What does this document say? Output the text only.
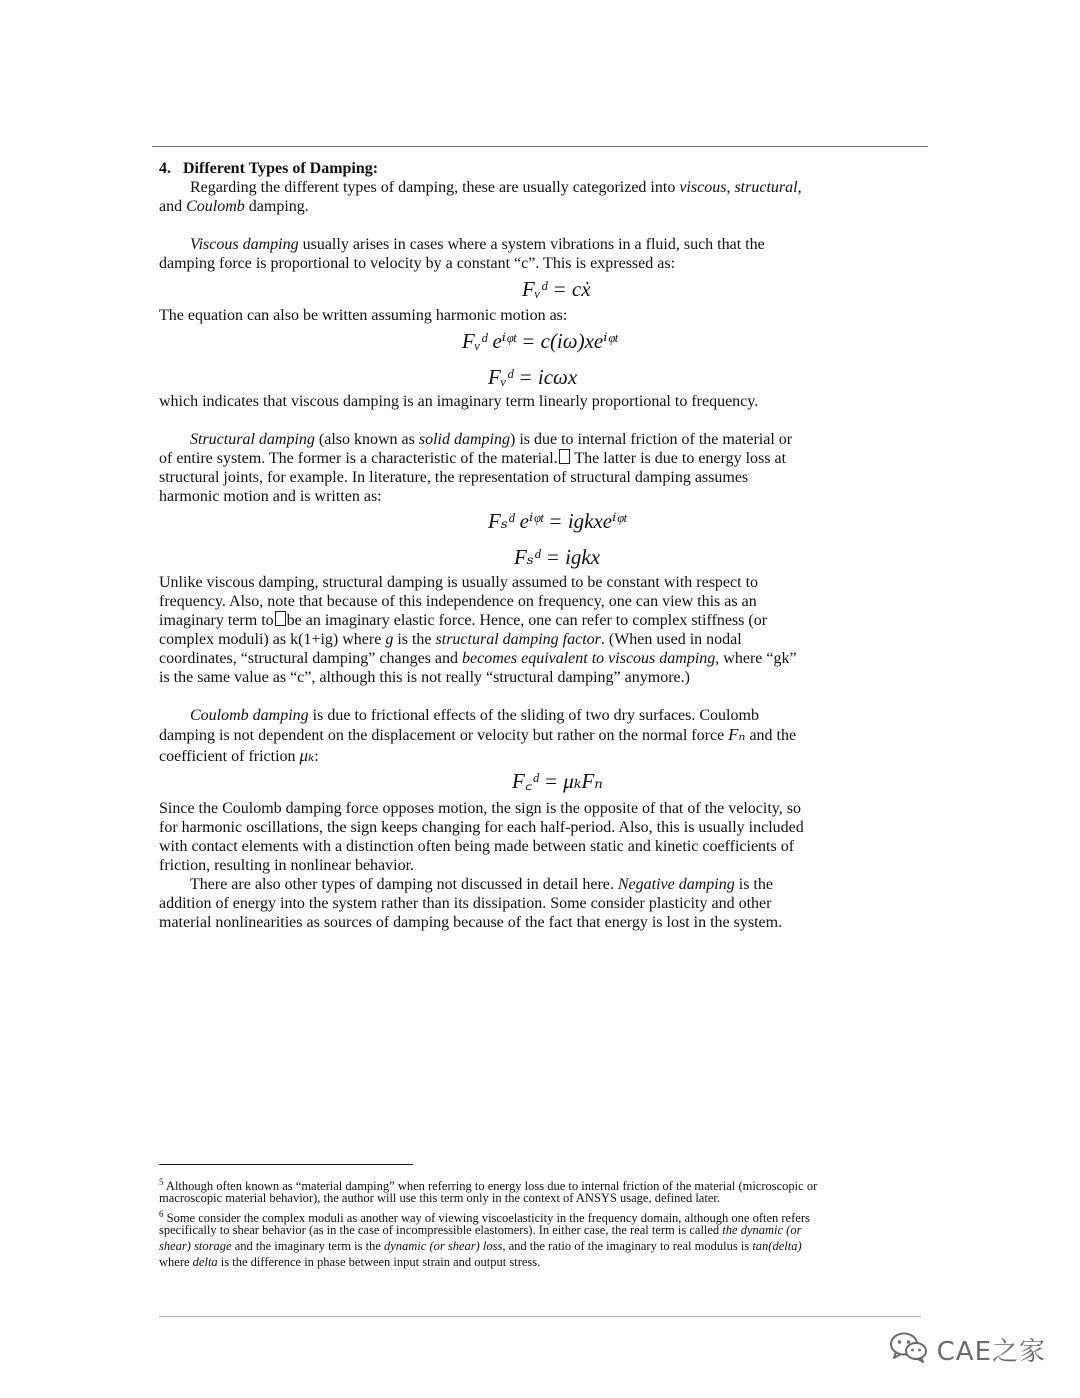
4. Different Types of Damping:
Regarding the different types of damping, these are usually categorized into viscous, structural,
and Coulomb damping.
Viscous damping usually arises in cases where a system vibrations in a fluid, such that the
damping force is proportional to velocity by a constant “c”. This is expressed as:
Fᵥᵈ = cẋ
The equation can also be written assuming harmonic motion as:
Fᵥᵈ eⁱᵠᵗ = c(iω)xeⁱᵠᵗ
Fᵥᵈ = icωx
which indicates that viscous damping is an imaginary term linearly proportional to frequency.
Structural damping (also known as solid damping) is due to internal friction of the material or
of entire system. The former is a characteristic of the material. The latter is due to energy loss at
structural joints, for example. In literature, the representation of structural damping assumes
harmonic motion and is written as:
Fₛᵈ eⁱᵠᵗ = igkxeⁱᵠᵗ
Fₛᵈ = igkx
Unlike viscous damping, structural damping is usually assumed to be constant with respect to
frequency. Also, note that because of this independence on frequency, one can view this as an
imaginary term to be an imaginary elastic force. Hence, one can refer to complex stiffness (or
complex moduli) as k(1+ig) where g is the structural damping factor. (When used in nodal
coordinates, “structural damping” changes and becomes equivalent to viscous damping, where “gk”
is the same value as “c”, although this is not really “structural damping” anymore.)
Coulomb damping is due to frictional effects of the sliding of two dry surfaces. Coulomb
damping is not dependent on the displacement or velocity but rather on the normal force Fₙ and the
coefficient of friction μₖ:
F꜀ᵈ = μₖFₙ
Since the Coulomb damping force opposes motion, the sign is the opposite of that of the velocity, so
for harmonic oscillations, the sign keeps changing for each half-period. Also, this is usually included
with contact elements with a distinction often being made between static and kinetic coefficients of
friction, resulting in nonlinear behavior.
There are also other types of damping not discussed in detail here. Negative damping is the
addition of energy into the system rather than its dissipation. Some consider plasticity and other
material nonlinearities as sources of damping because of the fact that energy is lost in the system.
$^5$ Although often known as “material damping” when referring to energy loss due to internal friction of the material (microscopic or
macroscopic material behavior), the author will use this term only in the context of ANSYS usage, defined later.
$^6$ Some consider the complex moduli as another way of viewing viscoelasticity in the frequency domain, although one often refers
specifically to shear behavior (as in the case of incompressible elastomers). In either case, the real term is called the dynamic (or
shear) storage and the imaginary term is the dynamic (or shear) loss, and the ratio of the imaginary to real modulus is tan(delta)
where delta is the difference in phase between input strain and output stress.
CAE之家
